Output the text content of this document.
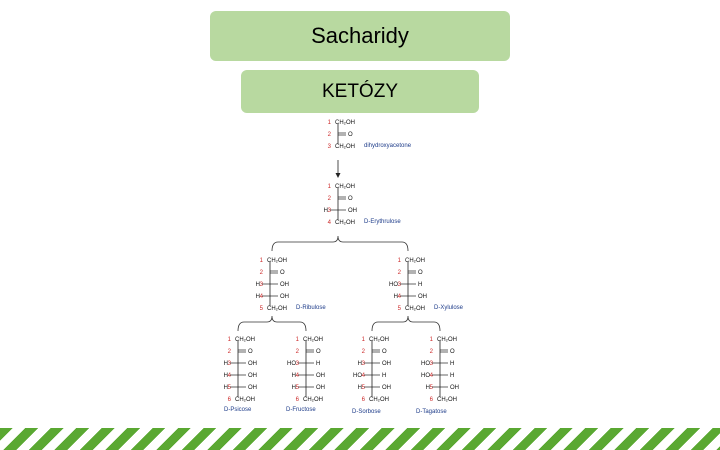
Sacharidy
KETÓZY
1 CH₂OH
2	O
3 CH₂OH dihydroxyacetone
1 CH₂OH
2	O
3
H	OH
4 CH₂OH D-Erythrulose
1 CH₂OH
2	O
3
H	OH
4
H	OH
5 CH₂OH D-Ribulose
1 CH₂OH
2	O
3
HO	H
4
H	OH
5 CH₂OH D-Xylulose
1 CH₂OH
2	O
3
H	OH
4
H	OH
5
H	OH
6 CH₂OH
D-Psicose
1 CH₂OH
2	O
3
HO	H
4
H	OH
5
H	OH
6 CH₂OH
D-Fructose
1 CH₂OH
2	O
3
H	OH
4
HO	H
5
H	OH
6 CH₂OH
D-Sorbose
1 CH₂OH
2	O
3
HO	H
4
HO	H
5
H	OH
6 CH₂OH
D-Tagatose
